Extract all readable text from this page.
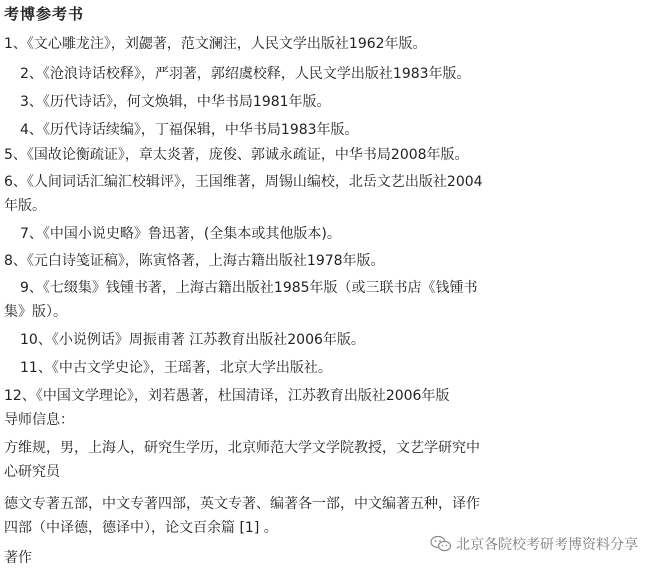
考博参考书
1、《文心雕龙注》，刘勰著，范文澜注，人民文学出版社1962年版。
2、《沧浪诗话校释》，严羽著，郭绍虞校释，人民文学出版社1983年版。
3、《历代诗话》，何文焕辑，中华书局1981年版。
4、《历代诗话续编》，丁福保辑，中华书局1983年版。
5、《国故论衡疏证》，章太炎著，庞俊、郭诚永疏证，中华书局2008年版。
6、《人间词话汇编汇校辑评》，王国维著，周锡山编校，北岳文艺出版社2004
年版。
7、《中国小说史略》鲁迅著，(全集本或其他版本)。
8、《元白诗笺证稿》，陈寅恪著，上海古籍出版社1978年版。
9、《七缀集》钱锺书著，上海古籍出版社1985年版（或三联书店《钱锺书
集》版）。
10、《小说例话》周振甫著 江苏教育出版社2006年版。
11、《中古文学史论》，王瑶著，北京大学出版社。
12、《中国文学理论》，刘若愚著，杜国清译，江苏教育出版社2006年版
导师信息：
方维规，男，上海人，研究生学历，北京师范大学文学院教授，文艺学研究中
心研究员
德文专著五部，中文专著四部，英文专著、编著各一部，中文编著五种，译作
四部（中译德，德译中），论文百余篇 [1] 。
著作
北京各院校考研考博资料分享
